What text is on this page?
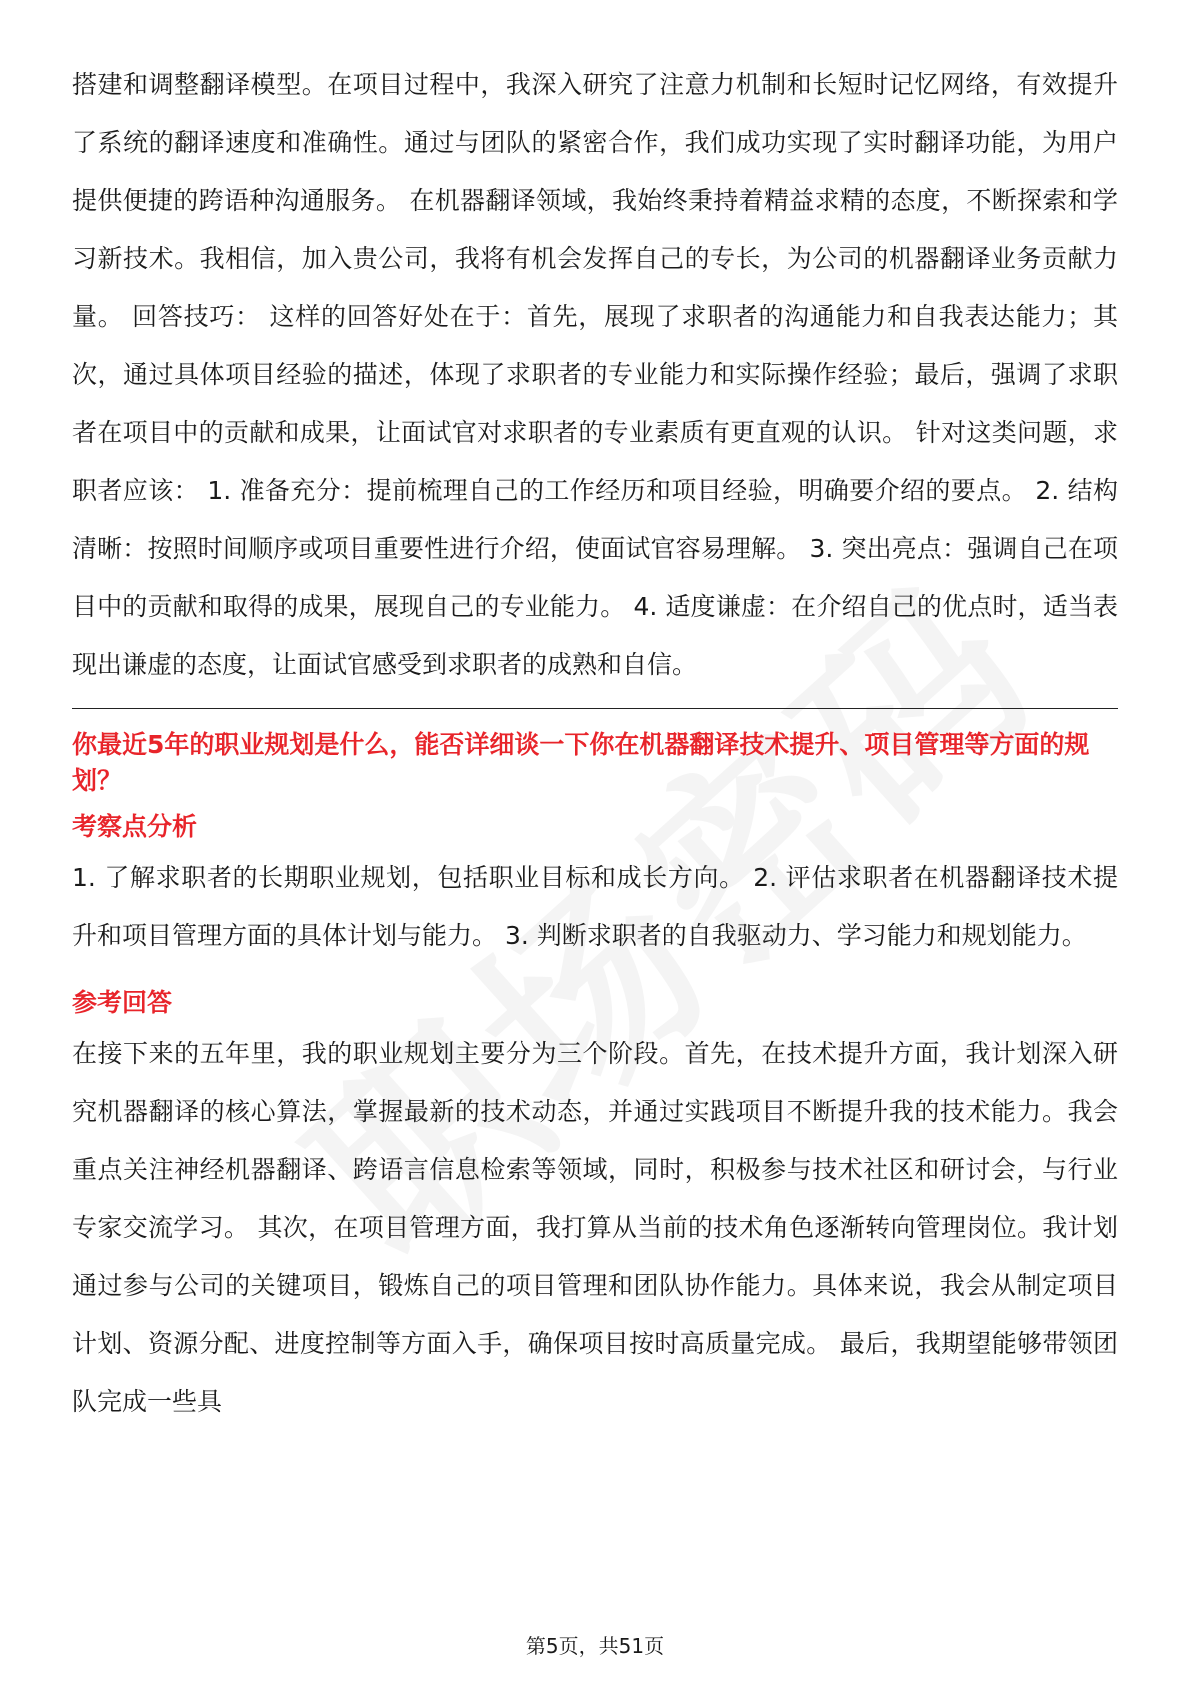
搭建和调整翻译模型。在项目过程中，我深入研究了注意力机制和长短时记忆网络，有效提升了系统的翻译速度和准确性。通过与团队的紧密合作，我们成功实现了实时翻译功能，为用户提供便捷的跨语种沟通服务。 在机器翻译领域，我始终秉持着精益求精的态度，不断探索和学习新技术。我相信，加入贵公司，我将有机会发挥自己的专长，为公司的机器翻译业务贡献力量。 回答技巧： 这样的回答好处在于：首先，展现了求职者的沟通能力和自我表达能力；其次，通过具体项目经验的描述，体现了求职者的专业能力和实际操作经验；最后，强调了求职者在项目中的贡献和成果，让面试官对求职者的专业素质有更直观的认识。 针对这类问题，求职者应该： 1. 准备充分：提前梳理自己的工作经历和项目经验，明确要介绍的要点。 2. 结构清晰：按照时间顺序或项目重要性进行介绍，使面试官容易理解。 3. 突出亮点：强调自己在项目中的贡献和取得的成果，展现自己的专业能力。 4. 适度谦虚：在介绍自己的优点时，适当表现出谦虚的态度，让面试官感受到求职者的成熟和自信。

你最近5年的职业规划是什么，能否详细谈一下你在机器翻译技术提升、项目管理等方面的规划？
考察点分析

1. 了解求职者的长期职业规划，包括职业目标和成长方向。 2. 评估求职者在机器翻译技术提升和项目管理方面的具体计划与能力。 3. 判断求职者的自我驱动力、学习能力和规划能力。

参考回答

在接下来的五年里，我的职业规划主要分为三个阶段。首先，在技术提升方面，我计划深入研究机器翻译的核心算法，掌握最新的技术动态，并通过实践项目不断提升我的技术能力。我会重点关注神经机器翻译、跨语言信息检索等领域，同时，积极参与技术社区和研讨会，与行业专家交流学习。 其次，在项目管理方面，我打算从当前的技术角色逐渐转向管理岗位。我计划通过参与公司的关键项目，锻炼自己的项目管理和团队协作能力。具体来说，我会从制定项目计划、资源分配、进度控制等方面入手，确保项目按时高质量完成。 最后，我期望能够带领团队完成一些具

第5页，共51页
